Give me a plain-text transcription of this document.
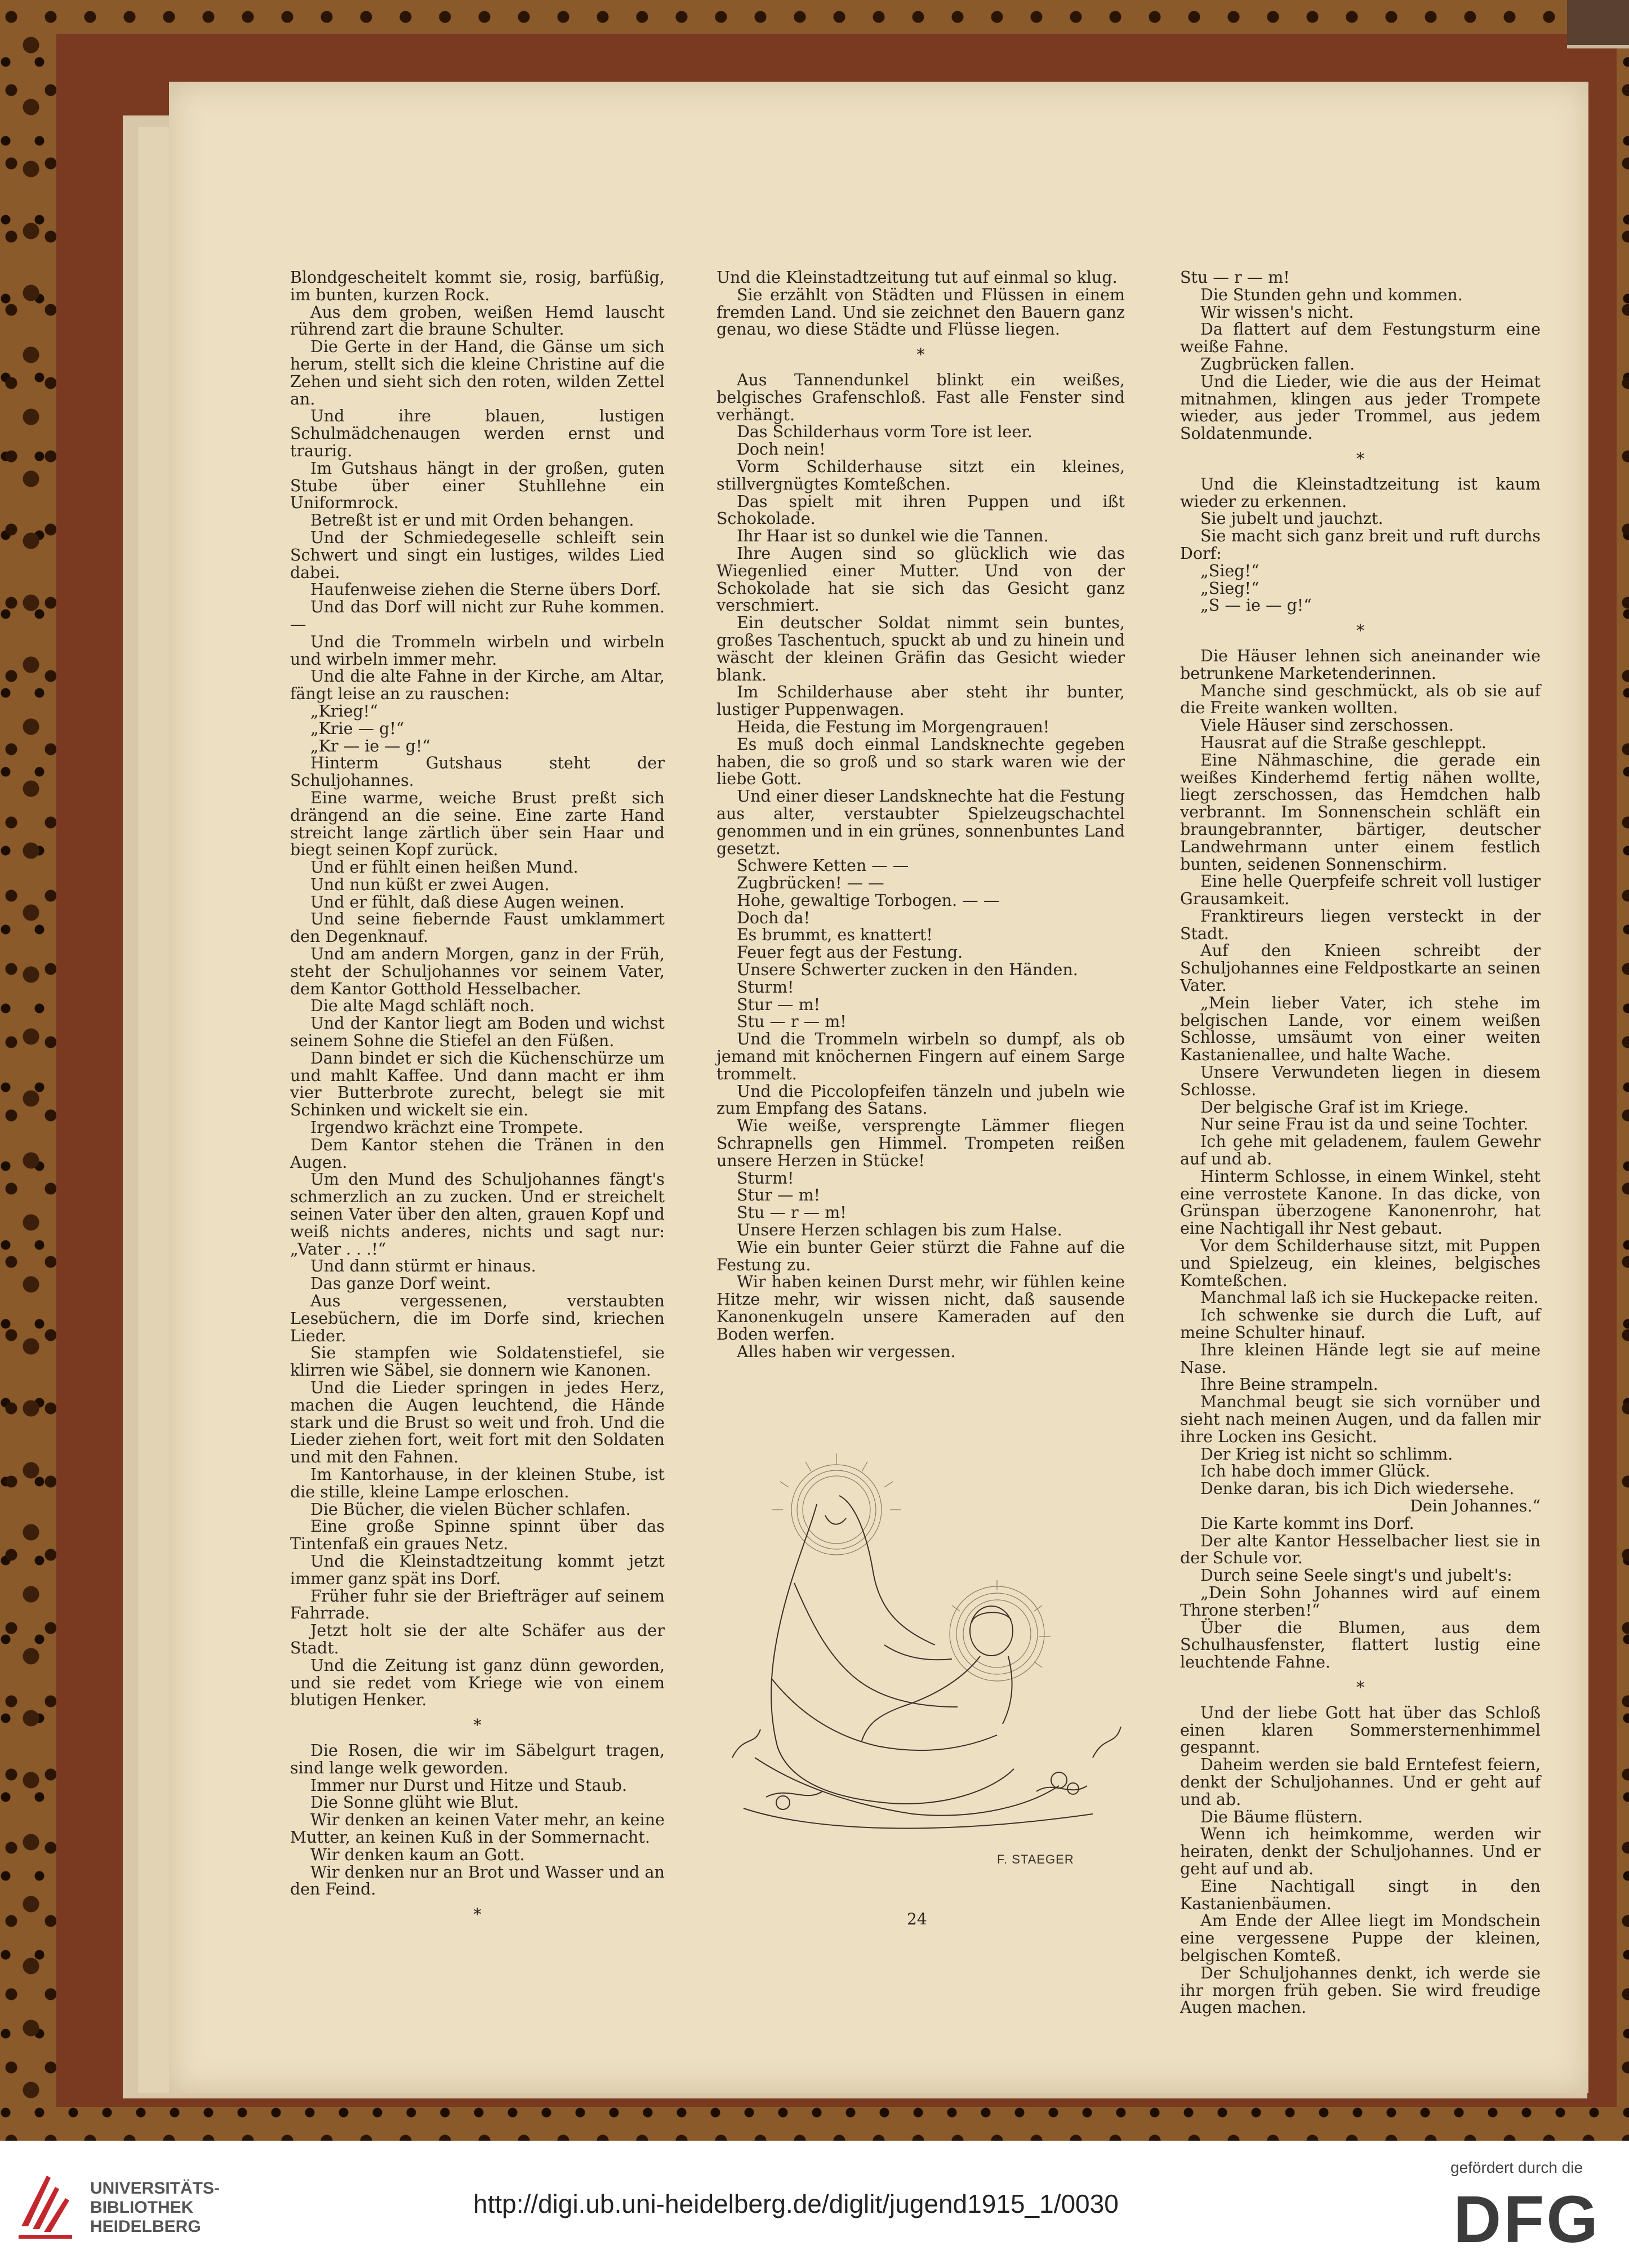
Blondgescheitelt kommt sie, rosig, barfüßig, im bunten, kurzen Rock.

Aus dem groben, weißen Hemd lauscht rührend zart die braune Schulter.

Die Gerte in der Hand, die Gänse um sich herum, stellt sich die kleine Christine auf die Zehen und sieht sich den roten, wilden Zettel an.

Und ihre blauen, lustigen Schulmädchenaugen werden ernst und traurig.

Im Gutshaus hängt in der großen, guten Stube über einer Stuhllehne ein Uniformrock.

Betreßt ist er und mit Orden behangen.

Und der Schmiedegeselle schleift sein Schwert und singt ein lustiges, wildes Lied dabei.

Haufenweise ziehen die Sterne übers Dorf.

Und das Dorf will nicht zur Ruhe kommen. —

Und die Trommeln wirbeln und wirbeln und wirbeln immer mehr.

Und die alte Fahne in der Kirche, am Altar, fängt leise an zu rauschen:

„Krieg!“

„Krie — g!“

„Kr — ie — g!“

Hinterm Gutshaus steht der Schuljohannes.

Eine warme, weiche Brust preßt sich drängend an die seine. Eine zarte Hand streicht lange zärtlich über sein Haar und biegt seinen Kopf zurück.

Und er fühlt einen heißen Mund.

Und nun küßt er zwei Augen.

Und er fühlt, daß diese Augen weinen.

Und seine fiebernde Faust umklammert den Degenknauf.

Und am andern Morgen, ganz in der Früh, steht der Schuljohannes vor seinem Vater, dem Kantor Gotthold Hesselbacher.

Die alte Magd schläft noch.

Und der Kantor liegt am Boden und wichst seinem Sohne die Stiefel an den Füßen.

Dann bindet er sich die Küchenschürze um und mahlt Kaffee. Und dann macht er ihm vier Butterbrote zurecht, belegt sie mit Schinken und wickelt sie ein.

Irgendwo krächzt eine Trompete.

Dem Kantor stehen die Tränen in den Augen.

Um den Mund des Schuljohannes fängt's schmerzlich an zu zucken. Und er streichelt seinen Vater über den alten, grauen Kopf und weiß nichts anderes, nichts und sagt nur: „Vater . . .!“

Und dann stürmt er hinaus.

Das ganze Dorf weint.

Aus vergessenen, verstaubten Lesebüchern, die im Dorfe sind, kriechen Lieder.

Sie stampfen wie Soldatenstiefel, sie klirren wie Säbel, sie donnern wie Kanonen.

Und die Lieder springen in jedes Herz, machen die Augen leuchtend, die Hände stark und die Brust so weit und froh. Und die Lieder ziehen fort, weit fort mit den Soldaten und mit den Fahnen.

Im Kantorhause, in der kleinen Stube, ist die stille, kleine Lampe erloschen.

Die Bücher, die vielen Bücher schlafen.

Eine große Spinne spinnt über das Tintenfaß ein graues Netz.

Und die Kleinstadtzeitung kommt jetzt immer ganz spät ins Dorf.

Früher fuhr sie der Briefträger auf seinem Fahrrade.

Jetzt holt sie der alte Schäfer aus der Stadt.

Und die Zeitung ist ganz dünn geworden, und sie redet vom Kriege wie von einem blutigen Henker.

*

Die Rosen, die wir im Säbelgurt tragen, sind lange welk geworden.

Immer nur Durst und Hitze und Staub.

Die Sonne glüht wie Blut.

Wir denken an keinen Vater mehr, an keine Mutter, an keinen Kuß in der Sommernacht.

Wir denken kaum an Gott.

Wir denken nur an Brot und Wasser und an den Feind.

*

Und die Kleinstadtzeitung tut auf einmal so klug.

Sie erzählt von Städten und Flüssen in einem fremden Land. Und sie zeichnet den Bauern ganz genau, wo diese Städte und Flüsse liegen.

*

Aus Tannendunkel blinkt ein weißes, belgisches Grafenschloß. Fast alle Fenster sind verhängt.

Das Schilderhaus vorm Tore ist leer.

Doch nein!

Vorm Schilderhause sitzt ein kleines, stillvergnügtes Komteßchen.

Das spielt mit ihren Puppen und ißt Schokolade.

Ihr Haar ist so dunkel wie die Tannen.

Ihre Augen sind so glücklich wie das Wiegenlied einer Mutter. Und von der Schokolade hat sie sich das Gesicht ganz verschmiert.

Ein deutscher Soldat nimmt sein buntes, großes Taschentuch, spuckt ab und zu hinein und wäscht der kleinen Gräfin das Gesicht wieder blank.

Im Schilderhause aber steht ihr bunter, lustiger Puppenwagen.

Heida, die Festung im Morgengrauen!

Es muß doch einmal Landsknechte gegeben haben, die so groß und so stark waren wie der liebe Gott.

Und einer dieser Landsknechte hat die Festung aus alter, verstaubter Spielzeugschachtel genommen und in ein grünes, sonnenbuntes Land gesetzt.

Schwere Ketten — —

Zugbrücken! — —

Hohe, gewaltige Torbogen. — —

Doch da!

Es brummt, es knattert!

Feuer fegt aus der Festung.

Unsere Schwerter zucken in den Händen.

Sturm!

Stur — m!

Stu — r — m!

Und die Trommeln wirbeln so dumpf, als ob jemand mit knöchernen Fingern auf einem Sarge trommelt.

Und die Piccolopfeifen tänzeln und jubeln wie zum Empfang des Satans.

Wie weiße, versprengte Lämmer fliegen Schrapnells gen Himmel. Trompeten reißen unsere Herzen in Stücke!

Sturm!

Stur — m!

Stu — r — m!

Unsere Herzen schlagen bis zum Halse.

Wie ein bunter Geier stürzt die Fahne auf die Festung zu.

Wir haben keinen Durst mehr, wir fühlen keine Hitze mehr, wir wissen nicht, daß sausende Kanonenkugeln unsere Kameraden auf den Boden werfen.

Alles haben wir vergessen.

Stu — r — m!

Die Stunden gehn und kommen.

Wir wissen's nicht.

Da flattert auf dem Festungsturm eine weiße Fahne.

Zugbrücken fallen.

Und die Lieder, wie die aus der Heimat mitnahmen, klingen aus jeder Trompete wieder, aus jeder Trommel, aus jedem Soldatenmunde.

*

Und die Kleinstadtzeitung ist kaum wieder zu erkennen.

Sie jubelt und jauchzt.

Sie macht sich ganz breit und ruft durchs Dorf:

„Sieg!“

„Sieg!“

„S — ie — g!“

*

Die Häuser lehnen sich aneinander wie betrunkene Marketenderinnen.

Manche sind geschmückt, als ob sie auf die Freite wanken wollten.

Viele Häuser sind zerschossen.

Hausrat auf die Straße geschleppt.

Eine Nähmaschine, die gerade ein weißes Kinderhemd fertig nähen wollte, liegt zerschossen, das Hemdchen halb verbrannt. Im Sonnenschein schläft ein braungebrannter, bärtiger, deutscher Landwehrmann unter einem festlich bunten, seidenen Sonnenschirm.

Eine helle Querpfeife schreit voll lustiger Grausamkeit.

Franktireurs liegen versteckt in der Stadt.

Auf den Knieen schreibt der Schuljohannes eine Feldpostkarte an seinen Vater.

„Mein lieber Vater, ich stehe im belgischen Lande, vor einem weißen Schlosse, umsäumt von einer weiten Kastanienallee, und halte Wache.

Unsere Verwundeten liegen in diesem Schlosse.

Der belgische Graf ist im Kriege.

Nur seine Frau ist da und seine Tochter.

Ich gehe mit geladenem, faulem Gewehr auf und ab.

Hinterm Schlosse, in einem Winkel, steht eine verrostete Kanone. In das dicke, von Grünspan überzogene Kanonenrohr, hat eine Nachtigall ihr Nest gebaut.

Vor dem Schilderhause sitzt, mit Puppen und Spielzeug, ein kleines, belgisches Komteßchen.

Manchmal laß ich sie Huckepacke reiten.

Ich schwenke sie durch die Luft, auf meine Schulter hinauf.

Ihre kleinen Hände legt sie auf meine Nase.

Ihre Beine strampeln.

Manchmal beugt sie sich vornüber und sieht nach meinen Augen, und da fallen mir ihre Locken ins Gesicht.

Der Krieg ist nicht so schlimm.

Ich habe doch immer Glück.

Denke daran, bis ich Dich wiedersehe.

Dein Johannes.“

Die Karte kommt ins Dorf.

Der alte Kantor Hesselbacher liest sie in der Schule vor.

Durch seine Seele singt's und jubelt's:

„Dein Sohn Johannes wird auf einem Throne sterben!“

Über die Blumen, aus dem Schulhausfenster, flattert lustig eine leuchtende Fahne.

*

Und der liebe Gott hat über das Schloß einen klaren Sommersternenhimmel gespannt.

Daheim werden sie bald Erntefest feiern, denkt der Schuljohannes. Und er geht auf und ab.

Die Bäume flüstern.

Wenn ich heimkomme, werden wir heiraten, denkt der Schuljohannes. Und er geht auf und ab.

Eine Nachtigall singt in den Kastanienbäumen.

Am Ende der Allee liegt im Mondschein eine vergessene Puppe der kleinen, belgischen Komteß.

Der Schuljohannes denkt, ich werde sie ihr morgen früh geben. Sie wird freudige Augen machen.

F. STAEGER
24
UNIVERSITÄTS-
BIBLIOTHEK
HEIDELBERG
http://digi.ub.uni-heidelberg.de/diglit/jugend1915_1/0030
gefördert durch die
DFG
